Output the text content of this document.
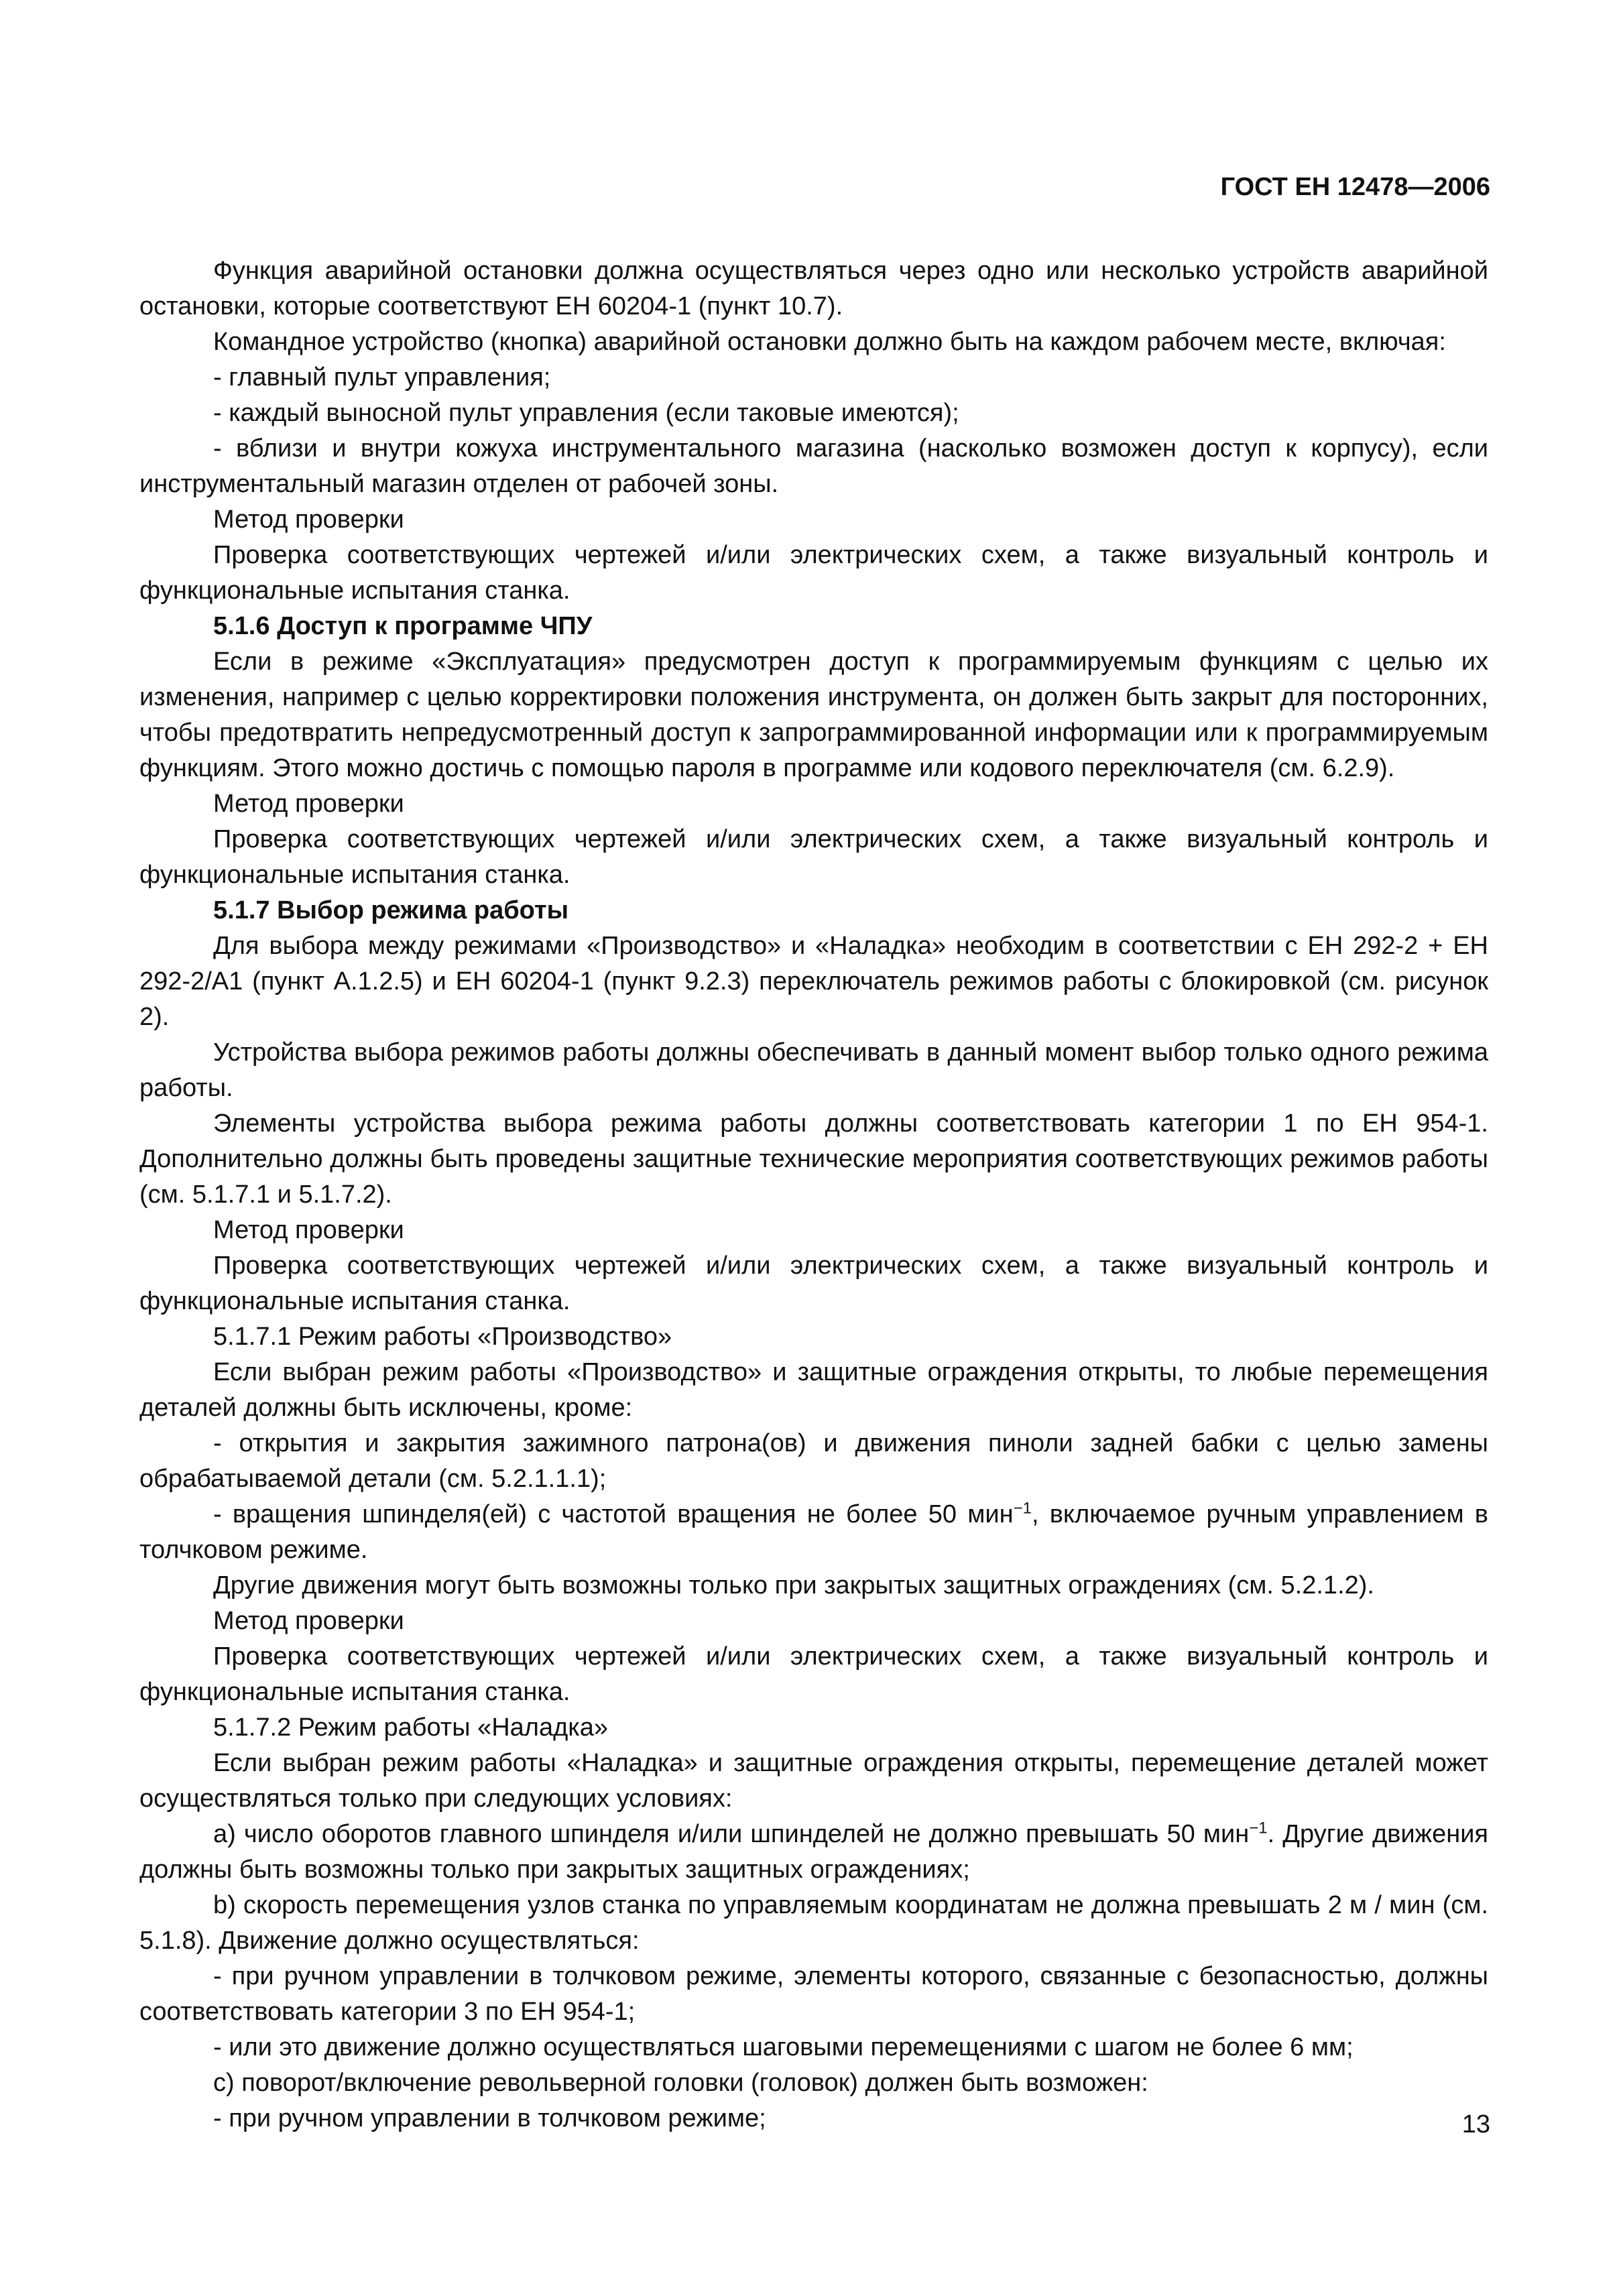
ГОСТ ЕН 12478—2006

Функция аварийной остановки должна осуществляться через одно или несколько устройств аварийной остановки, которые соответствуют ЕН 60204-1 (пункт 10.7).

Командное устройство (кнопка) аварийной остановки должно быть на каждом рабочем месте, включая:

- главный пульт управления;

- каждый выносной пульт управления (если таковые имеются);

- вблизи и внутри кожуха инструментального магазина (насколько возможен доступ к корпусу), если инструментальный магазин отделен от рабочей зоны.

Метод проверки

Проверка соответствующих чертежей и/или электрических схем, а также визуальный контроль и функциональные испытания станка.

5.1.6 Доступ к программе ЧПУ

Если в режиме «Эксплуатация» предусмотрен доступ к программируемым функциям с целью их изменения, например с целью корректировки положения инструмента, он должен быть закрыт для посторонних, чтобы предотвратить непредусмотренный доступ к запрограммированной информации или к программируемым функциям. Этого можно достичь с помощью пароля в программе или кодового переключателя (см. 6.2.9).

Метод проверки

Проверка соответствующих чертежей и/или электрических схем, а также визуальный контроль и функциональные испытания станка.

5.1.7 Выбор режима работы

Для выбора между режимами «Производство» и «Наладка» необходим в соответствии с ЕН 292-2 + ЕН 292-2/А1 (пункт А.1.2.5) и ЕН 60204-1 (пункт 9.2.3) переключатель режимов работы с блокировкой (см. рисунок 2).

Устройства выбора режимов работы должны обеспечивать в данный момент выбор только одного режима работы.

Элементы устройства выбора режима работы должны соответствовать категории 1 по ЕН 954-1. Дополнительно должны быть проведены защитные технические мероприятия соответствующих режимов работы (см. 5.1.7.1 и 5.1.7.2).

Метод проверки

Проверка соответствующих чертежей и/или электрических схем, а также визуальный контроль и функциональные испытания станка.

5.1.7.1 Режим работы «Производство»

Если выбран режим работы «Производство» и защитные ограждения открыты, то любые перемещения деталей должны быть исключены, кроме:

- открытия и закрытия зажимного патрона(ов) и движения пиноли задней бабки с целью замены обрабатываемой детали (см. 5.2.1.1.1);

- вращения шпинделя(ей) с частотой вращения не более 50 мин$^{-1}$, включаемое ручным управлением в толчковом режиме.

Другие движения могут быть возможны только при закрытых защитных ограждениях (см. 5.2.1.2).

Метод проверки

Проверка соответствующих чертежей и/или электрических схем, а также визуальный контроль и функциональные испытания станка.

5.1.7.2 Режим работы «Наладка»

Если выбран режим работы «Наладка» и защитные ограждения открыты, перемещение деталей может осуществляться только при следующих условиях:

a) число оборотов главного шпинделя и/или шпинделей не должно превышать 50 мин$^{-1}$. Другие движения должны быть возможны только при закрытых защитных ограждениях;

b) скорость перемещения узлов станка по управляемым координатам не должна превышать 2 м / мин (см. 5.1.8). Движение должно осуществляться:

- при ручном управлении в толчковом режиме, элементы которого, связанные с безопасностью, должны соответствовать категории 3 по ЕН 954-1;

- или это движение должно осуществляться шаговыми перемещениями с шагом не более 6 мм;

c) поворот/включение револьверной головки (головок) должен быть возможен:

- при ручном управлении в толчковом режиме;	13
